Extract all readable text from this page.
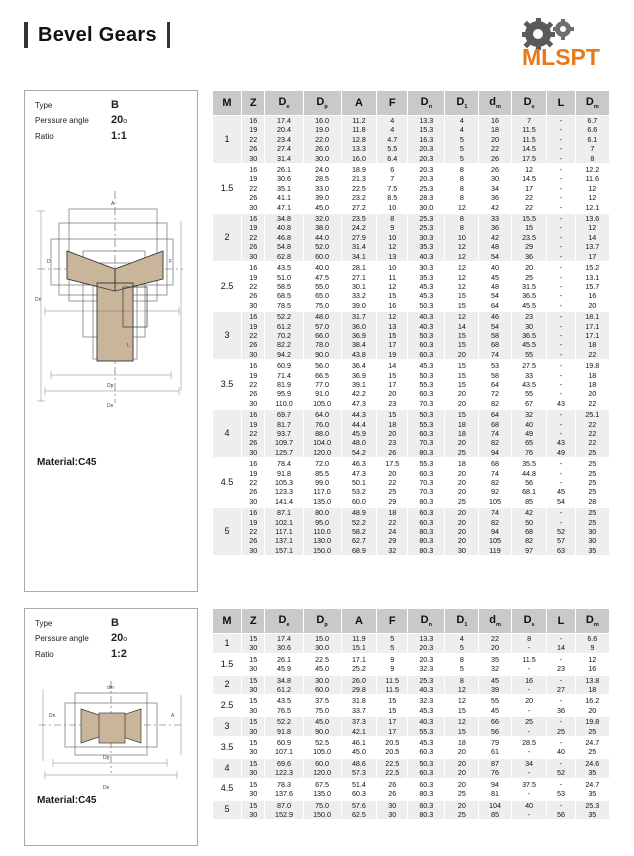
Bevel Gears
MLSPT
Type	B
Perssure angle	20 o
Ratio	1:1
A
D	F
L
Dp
De
Dn
Material:C45
M	Z	$D_e$	$D_p$	A	F	$D_n$	$D_1$	$d_m$	$D_s$	L	$D_m$
1	16	17.4	16.0	11.2	4	13.3	4	16	7	-	6.7
	19	20.4	19.0	11.8	4	15.3	4	18	11.5	-	6.6
	22	23.4	22.0	12.8	4.7	16.3	5	20	11.5	-	6.1
	26	27.4	26.0	13.3	5.5	20.3	5	22	14.5	-	7
	30	31.4	30.0	16.0	6.4	20.3	5	26	17.5	-	8

1.5	16	26.1	24.0	18.9	6	20.3	8	26	12	-	12.2
	19	30.6	28.5	21.3	7	20.3	8	30	14.5	-	11.6
	22	35.1	33.0	22.5	7.5	25.3	8	34	17	-	12
	26	41.1	39.0	23.2	8.5	28.3	8	36	22	-	12
	30	47.1	45.0	27.2	10	30.0	12	42	22	-	12.1

2	16	34.8	32.0	23.5	8	25.3	8	33	15.5	-	13.6
	19	40.8	38.0	24.2	9	25.3	8	36	15	-	12
	22	46.8	44.0	27.9	10	30.3	10	42	23.5	-	14
	26	54.8	52.0	31.4	12	35.3	12	48	29	-	13.7
	30	62.8	60.0	34.1	13	40.3	12	54	36	-	17

2.5	16	43.5	40.0	28.1	10	30.3	12	40	20	-	15.2
	19	51.0	47.5	27.1	11	35.3	12	45	25	-	13.1
	22	58.5	55.0	30.1	12	45.3	12	48	31.5	-	15.7
	26	68.5	65.0	33.2	15	45.3	15	54	36.5	-	16
	30	78.5	75.0	39.0	16	50.3	15	64	45.5	-	20

3	16	52.2	48.0	31.7	12	40.3	12	46	23	-	18.1
	19	61.2	57.0	36.0	13	40.3	14	54	30	-	17.1
	22	70.2	66.0	36.9	15	50.3	15	58	36.5	-	17.1
	26	82.2	78.0	38.4	17	60.3	15	68	45.5	-	18
	30	94.2	90.0	43.8	19	60.3	20	74	55	-	22

3.5	16	60.9	56.0	36.4	14	45.3	15	53	27.5	-	19.8
	19	71.4	66.5	36.9	15	50.3	15	58	33	-	18
	22	81.9	77.0	39.1	17	55.3	15	64	43.5	-	18
	26	95.9	91.0	42.2	20	60.3	20	72	55	-	20
	30	110.0	105.0	47.3	23	70.3	20	82	67	43	22

4	16	69.7	64.0	44.3	15	50.3	15	64	32	-	25.1
	19	81.7	76.0	44.4	18	55.3	18	68	40	-	22
	22	93.7	88.0	45.9	20	60.3	18	74	49	-	22
	26	109.7	104.0	48.0	23	70.3	20	82	65	43	22
	30	125.7	120.0	54.2	26	80.3	25	94	76	49	25

4.5	16	78.4	72.0	46.3	17.5	55.3	18	68	35.5	-	25
	19	91.8	85.5	47.3	20	60.3	20	74	44.8	-	25
	22	105.3	99.0	50.1	22	70.3	20	82	56	-	25
	26	123.3	117.0	53.2	25	70.3	20	92	68.1	45	25
	30	141.4	135.0	60.0	29	80.3	25	105	85	54	28

5	16	87.1	80.0	48.9	18	60.3	20	74	42	-	25
	19	102.1	95.0	52.2	22	60.3	20	82	50	-	25
	22	117.1	110.0	58.2	24	80.3	20	94	68	52	30
	26	137.1	130.0	62.7	29	80.3	20	105	82	57	30
	30	157.1	150.0	68.9	32	80.3	30	119	97	63	35
Type	B
Perssure angle	20 o
Ratio	1:2
dm
Dn	A
Dp
De
Material:C45
M	Z	$D_e$	$D_p$	A	F	$D_n$	$D_1$	$d_m$	$D_s$	L	$D_m$
1	15	17.4	15.0	11.9	5	13.3	4	22	8	-	6.6
	30	30.6	30.0	15.1	5	20.3	5	20	-	14	9

1.5	15	26.1	22.5	17.1	9	20.3	8	35	11.5	-	12
	30	45.9	45.0	25.2	9	32.3	5	32	-	23	16

2	15	34.8	30.0	26.0	11.5	25.3	8	45	16	-	13.8
	30	61.2	60.0	29.8	11.5	40.3	12	39	-	27	18

2.5	15	43.5	37.5	31.8	15	32.3	12	55	20	-	16.2
	30	76.5	75.0	33.7	15	45.3	15	45	-	36	20

3	15	52.2	45.0	37.3	17	40.3	12	66	25	-	19.8
	30	91.8	90.0	42.1	17	55.3	15	56	-	25	25

3.5	15	60.9	52.5	46.1	20.5	45.3	18	79	28.5	-	24.7
	30	107.1	105.0	45.0	20.5	60.3	20	61	-	40	25

4	15	69.6	60.0	48.6	22.5	50.3	20	87	34	-	24.6
	30	122.3	120.0	57.3	22.5	60.3	20	76	-	52	35

4.5	15	78.3	67.5	51.4	26	60.3	20	94	37.5	-	24.7
	30	137.6	135.0	60.3	26	80.3	25	81	-	53	35

5	15	87.0	75.0	57.6	30	60.3	20	104	40	-	25.3
	30	152.9	150.0	62.5	30	80.3	25	85	-	56	35
